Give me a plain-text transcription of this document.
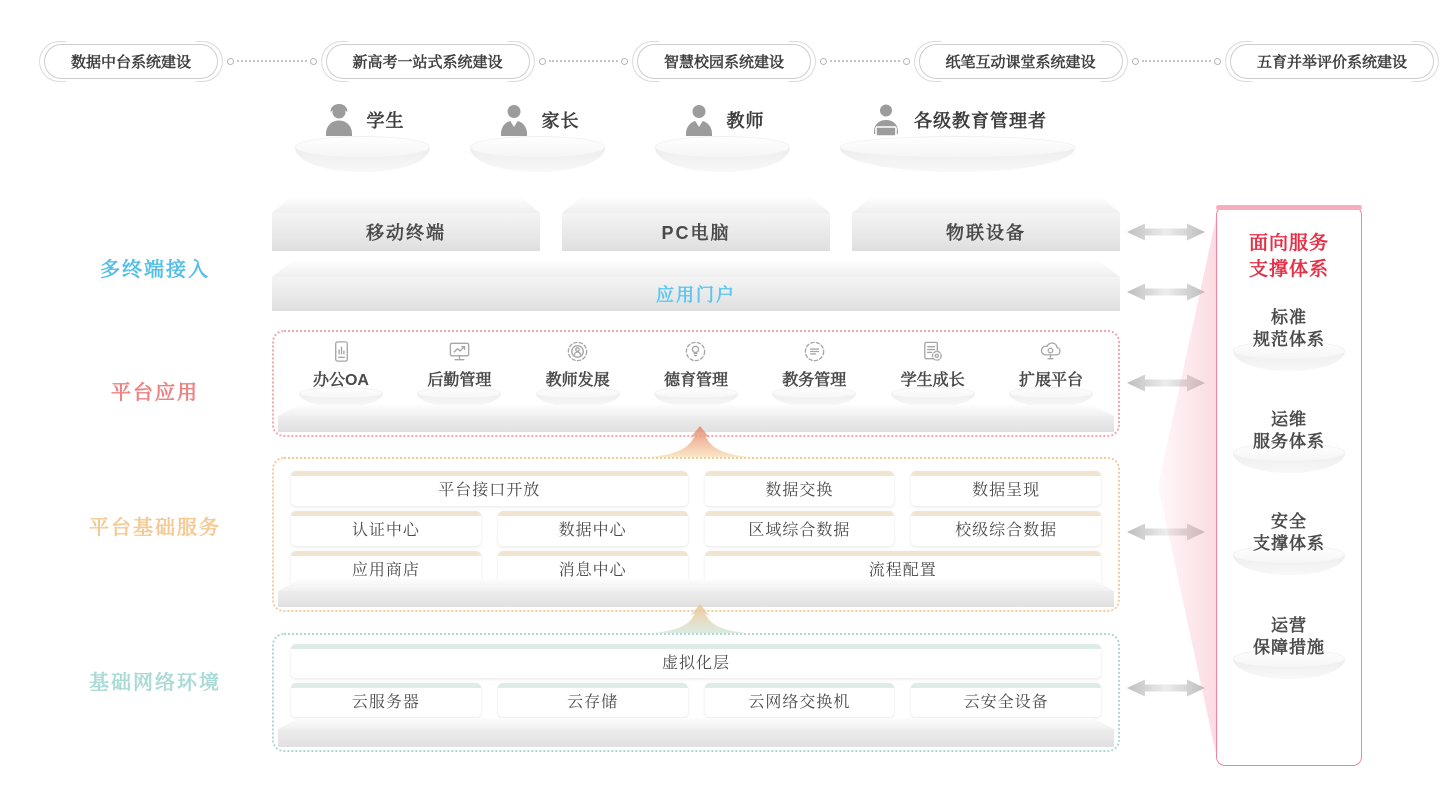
数据中台系统建设	新高考一站式系统建设	智慧校园系统建设	纸笔互动课堂系统建设	五育并举评价系统建设
学生	家长	教师	各级教育管理者
多终端接入
平台应用
平台基础服务
基础网络环境
移动终端	PC电脑	物联设备
应用门户
办公OA	后勤管理	教师发展	德育管理	教务管理	学生成长	扩展平台
平台接口开放	数据交换	数据呈现
认证中心	数据中心	区域综合数据	校级综合数据
应用商店	消息中心	流程配置
虚拟化层
云服务器	云存储	云网络交换机	云安全设备
面向服务
支撑体系
标准
规范体系
运维
服务体系
安全
支撑体系
运营
保障措施
